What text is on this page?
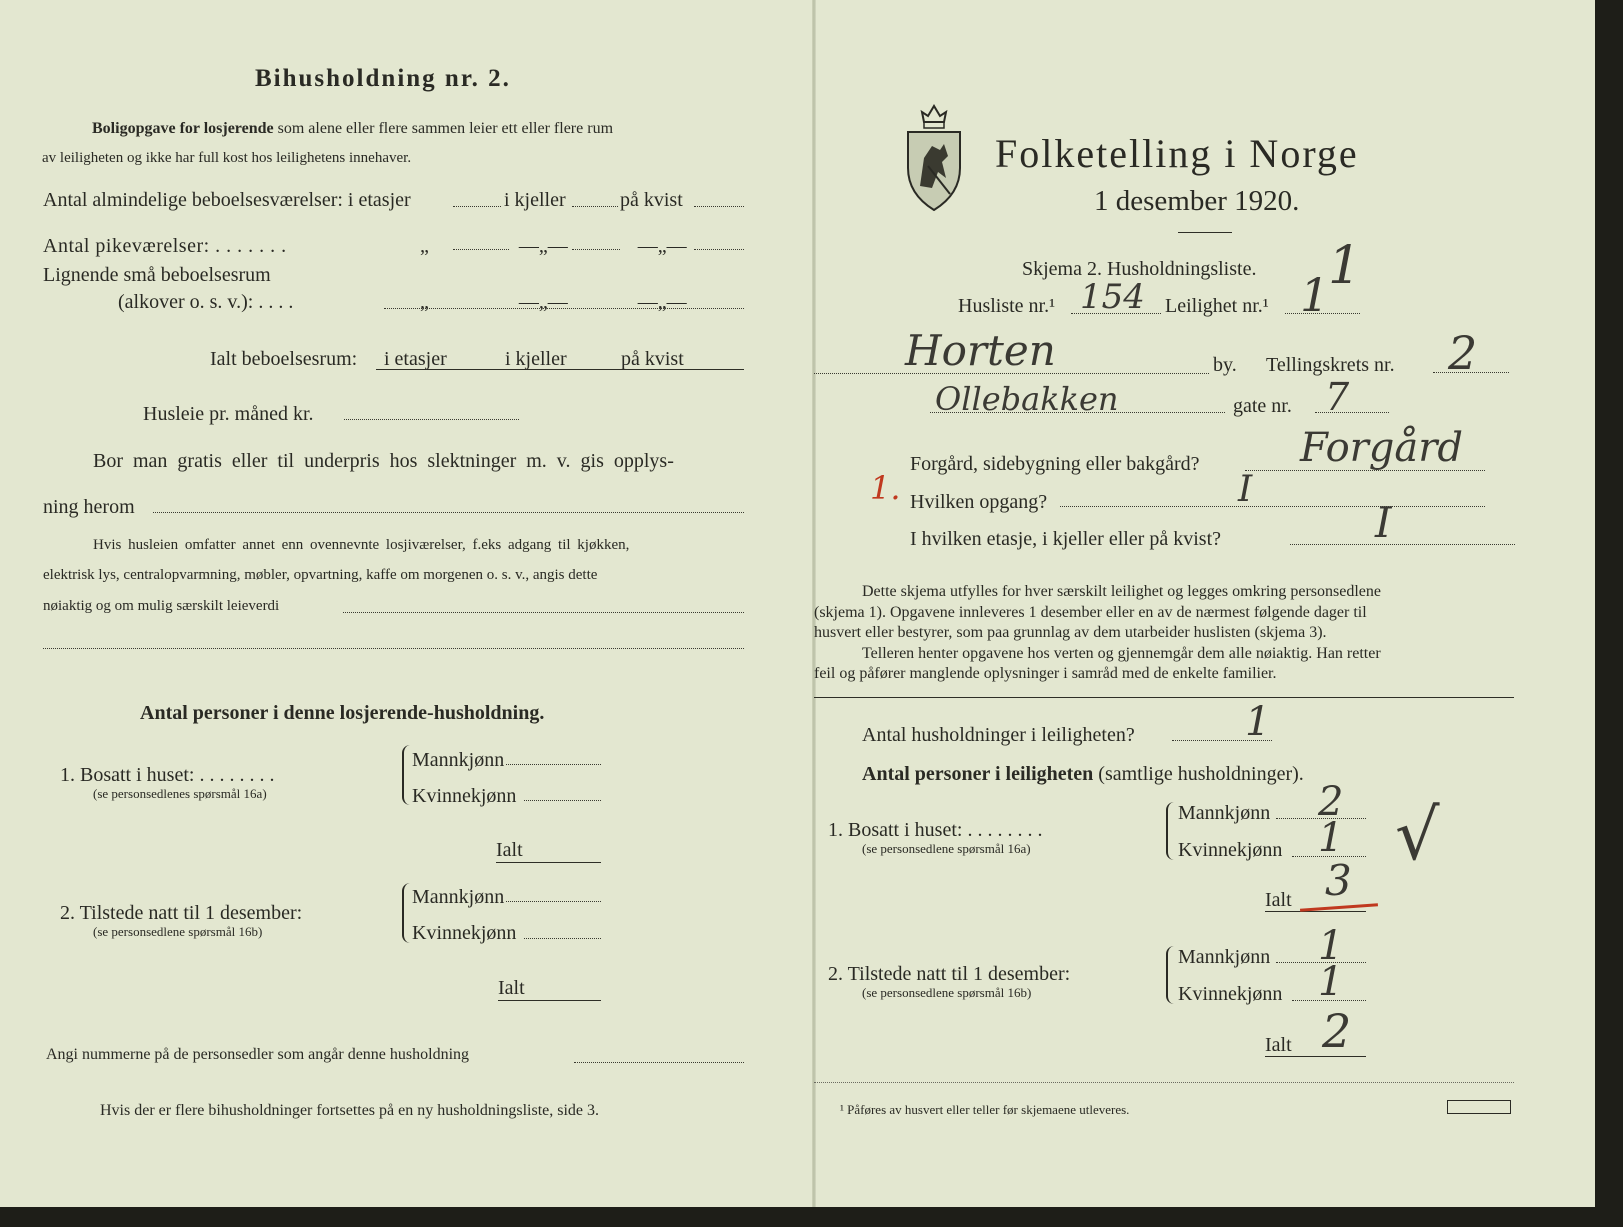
Bihusholdning nr. 2.
Boligopgave for losjerende som alene eller flere sammen leier ett eller flere rum
av leiligheten og ikke har full kost hos leilighetens innehaver.
Antal almindelige beboelsesværelser: i etasjer	i kjeller	på kvist
Antal pikeværelser: . . . . . . .	„                  —„—              —„—
Lignende små beboelsesrum
(alkover o. s. v.): . . . .	„                  —„—              —„—
Ialt beboelsesrum: i etasjer	i kjeller	på kvist
Husleie pr. måned kr.
Bor man gratis eller til underpris hos slektninger m. v. gis opplys-
ning herom
Hvis husleien omfatter annet enn ovennevnte losjiværelser, f.eks adgang til kjøkken,
elektrisk lys, centralopvarmning, møbler, opvartning, kaffe om morgenen o. s. v., angis dette
nøiaktig og om mulig særskilt leieverdi
Antal personer i denne losjerende-husholdning.
1. Bosatt i huset: . . . . . . . .
(se personsedlenes spørsmål 16a)
Mannkjønn
Kvinnekjønn
Ialt
2. Tilstede natt til 1 desember:
(se personsedlene spørsmål 16b)
Mannkjønn
Kvinnekjønn
Ialt
Angi nummerne på de personsedler som angår denne husholdning
Hvis der er flere bihusholdninger fortsettes på en ny husholdningsliste, side 3.
Folketelling i Norge
1 desember 1920.
Skjema 2. Husholdningsliste. 1
Husliste nr.¹ 154 Leilighet nr.¹ 1
Horten	by. Tellingskrets nr. 2
Ollebakken	gate nr. 7
Forgård, sidebygning eller bakgård?	Forgård
1. Hvilken opgang?	I
I hvilken etasje, i kjeller eller på kvist?	I
Dette skjema utfylles for hver særskilt leilighet og legges omkring personsedlene
(skjema 1). Opgavene innleveres 1 desember eller en av de nærmest følgende dager til
husvert eller bestyrer, som paa grunnlag av dem utarbeider huslisten (skjema 3).
Telleren henter opgavene hos verten og gjennemgår dem alle nøiaktig. Han retter
feil og påfører manglende oplysninger i samråd med de enkelte familier.
Antal husholdninger i leiligheten?	1
Antal personer i leiligheten (samtlige husholdninger).
1. Bosatt i huset: . . . . . . . .
(se personsedlene spørsmål 16a)
Mannkjønn 2
Kvinnekjønn 1 √
Ialt 3
2. Tilstede natt til 1 desember:
(se personsedlene spørsmål 16b)
Mannkjønn 1
Kvinnekjønn 1
Ialt 2
¹ Påføres av husvert eller teller før skjemaene utleveres.
